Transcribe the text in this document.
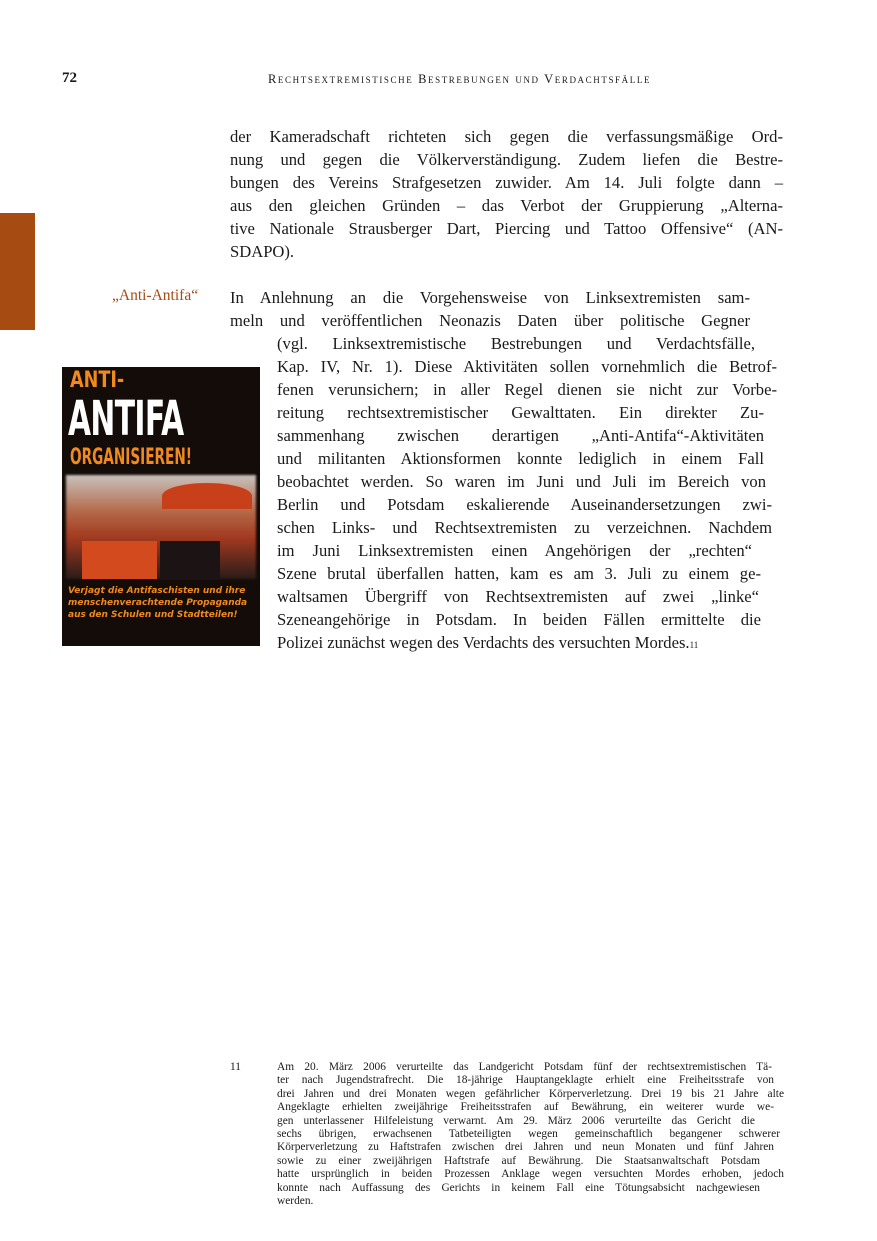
72	Rechtsextremistische Bestrebungen und Verdachtsfälle
der Kameradschaft richteten sich gegen die verfassungsmäßige Ord-
nung und gegen die Völkerverständigung. Zudem liefen die Bestre-
bungen des Vereins Strafgesetzen zuwider. Am 14. Juli folgte dann –
aus den gleichen Gründen – das Verbot der Gruppierung „Alterna-
tive Nationale Strausberger Dart, Piercing und Tattoo Offensive“ (AN-
SDAPO).
„Anti-Antifa“ In Anlehnung an die Vorgehensweise von Linksextremisten sam-
meln und veröffentlichen Neonazis Daten über politische Gegner
(vgl. Linksextremistische Bestrebungen und Verdachtsfälle,
Kap. IV, Nr. 1). Diese Aktivitäten sollen vornehmlich die Betrof-
fenen verunsichern; in aller Regel dienen sie nicht zur Vorbe-
reitung rechtsextremistischer Gewalttaten. Ein direkter Zu-
sammenhang zwischen derartigen „Anti-Antifa“-Aktivitäten
und militanten Aktionsformen konnte lediglich in einem Fall
beobachtet werden. So waren im Juni und Juli im Bereich von
Berlin und Potsdam eskalierende Auseinandersetzungen zwi-
schen Links- und Rechtsextremisten zu verzeichnen. Nachdem
im Juni Linksextremisten einen Angehörigen der „rechten“
Szene brutal überfallen hatten, kam es am 3. Juli zu einem ge-
waltsamen Übergriff von Rechtsextremisten auf zwei „linke“
Szeneangehörige in Potsdam. In beiden Fällen ermittelte die
Polizei zunächst wegen des Verdachts des versuchten Mordes.11
ANTI-
ANTIFA
ORGANISIEREN!
Verjagt die Antifaschisten und ihre menschenverachtende Propaganda aus den Schulen und Stadtteilen!
11	Am 20. März 2006 verurteilte das Landgericht Potsdam fünf der rechtsextremistischen Tä-
ter nach Jugendstrafrecht. Die 18-jährige Hauptangeklagte erhielt eine Freiheitsstrafe von
drei Jahren und drei Monaten wegen gefährlicher Körperverletzung. Drei 19 bis 21 Jahre alte
Angeklagte erhielten zweijährige Freiheitsstrafen auf Bewährung, ein weiterer wurde we-
gen unterlassener Hilfeleistung verwarnt. Am 29. März 2006 verurteilte das Gericht die
sechs übrigen, erwachsenen Tatbeteiligten wegen gemeinschaftlich begangener schwerer
Körperverletzung zu Haftstrafen zwischen drei Jahren und neun Monaten und fünf Jahren
sowie zu einer zweijährigen Haftstrafe auf Bewährung. Die Staatsanwaltschaft Potsdam
hatte ursprünglich in beiden Prozessen Anklage wegen versuchten Mordes erhoben, jedoch
konnte nach Auffassung des Gerichts in keinem Fall eine Tötungsabsicht nachgewiesen
werden.
